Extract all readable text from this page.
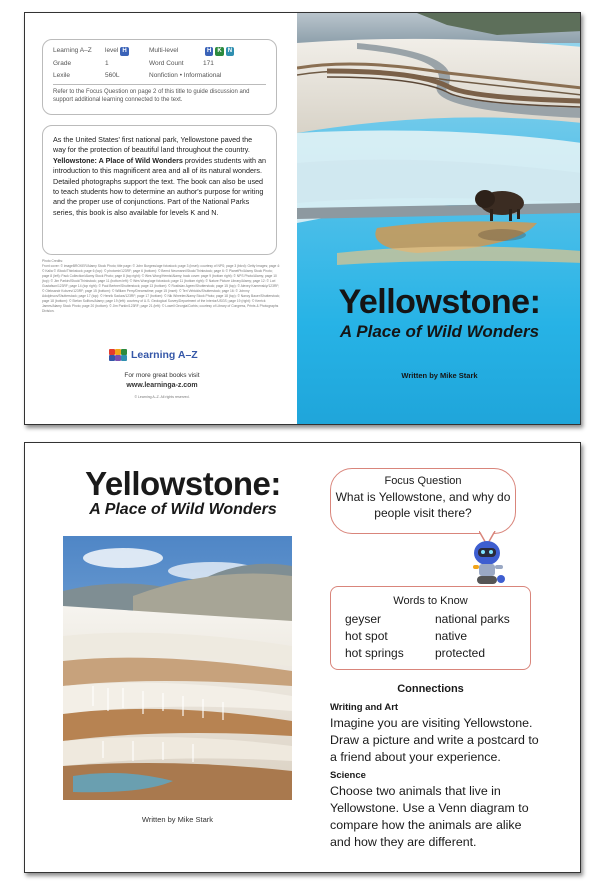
Learning A–Z	level H	Multi-level	H K N
Grade	1	Word Count	171
Lexile	560L	Nonfiction • Informational
Refer to the Focus Question on page 2 of this title to guide discussion and support additional learning connected to the text.
As the United States' first national park, Yellowstone paved the way for the protection of beautiful land throughout the country. Yellowstone: A Place of Wild Wonders provides students with an introduction to this magnificent area and all of its natural wonders. Detailed photographs support the text. The book can also be used to teach students how to determine an author's purpose for writing and the proper use of conjunctions. Part of the National Parks series, this book is also available for levels K and N.
Photo Credits:
Front cover: © imageBROKER/Alamy Stock Photo; title page: © John Burgess/age fotostock; page 3 (inset): courtesy of NPS; page 3 (bkrd): Getty Images; page 4: © Kalia © iStock/Thinkstock; page 6 (top): © photomir/123RF; page 6 (bottom): © Bernd Neumann/iStock/Thinkstock; page 6: © PlanetPix/Alamy Stock Photo; page 8 (left): Pack Collection/Alamy Stock Photo; page 8 (top right): © Wes Wong/Hemis/Alamy; back cover: page 9 (bottom right): © NPS Photo/Alamy; page 10 (top): © Jim Parkin/iStock/Thinkstock; page 11 (bottom left): © Wes Wong/age fotostock; page 11 (bottom right): © Nature Picture Library/Alamy; page 12: © Lori Gustafson/123RF; page 14 (top right): © Paul Bertner/Shutterstock; page 13 (bottom): © Rostislav Ageev/Shutterstock; page 15 (top): © Alexey Kamenskiy/123RF; © Oleksandr Kobzev/123RF; page 15 (bottom): © William Perry/Dreamstime; page 15 (inset): © Teri Virbickis/Shutterstock; page 16: © Johnny Adolphson/Shutterstock; page 17 (top): © Henrik Sadura/123RF; page 17 (bottom): © Nik Wheeler/Alamy Stock Photo; page 18 (top): © Nancy Bauer/Shutterstock; page 18 (bottom): © Stefan Sollfors/Alamy; page 19 (left): courtesy of U.S. Geological Survey/Department of the Interior/USGS; page 19 (right): © Kerrick James/Alamy Stock Photo; page 20 (bottom): © Jim Parkin/123RF; page 21 (left): © Lowell Georgia/Corbis; courtesy of Library of Congress, Prints & Photographs Division.
Learning A–Z
For more great books visit
www.learninga-z.com
© Learning A–Z. All rights reserved.
Yellowstone:
A Place of Wild Wonders
Written by Mike Stark
Yellowstone:
A Place of Wild Wonders
Written by Mike Stark
Focus Question
What is Yellowstone, and why do people visit there?
Words to Know
geyser	national parks
hot spot	native
hot springs	protected
Connections
Writing and Art
Imagine you are visiting Yellowstone. Draw a picture and write a postcard to a friend about your experience.
Science
Choose two animals that live in Yellowstone. Use a Venn diagram to compare how the animals are alike and how they are different.
